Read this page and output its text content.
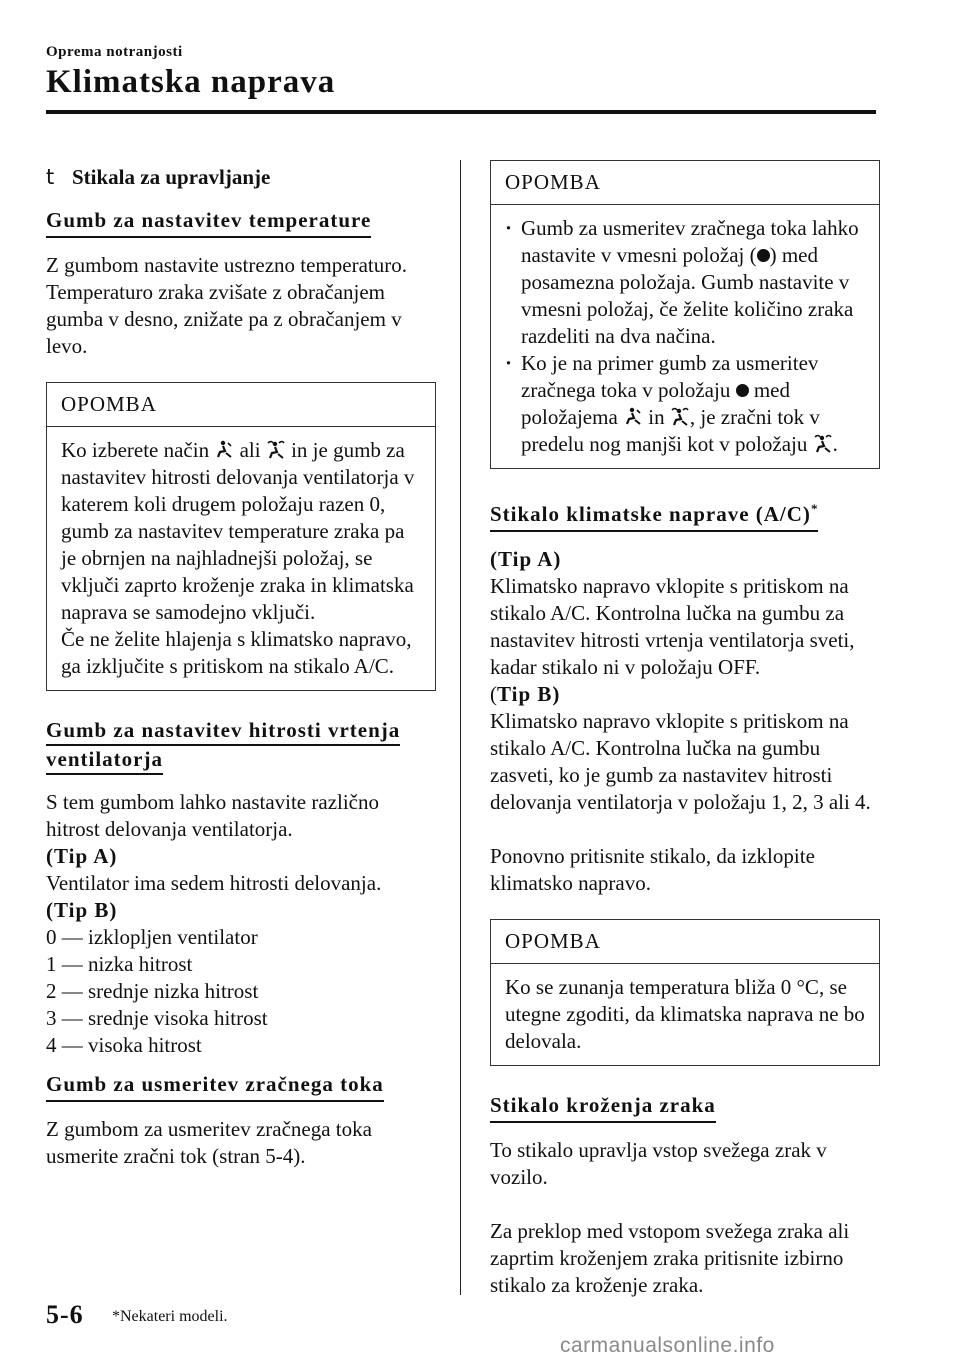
Oprema notranjosti
Klimatska naprava

t Stikala za upravljanje

Gumb za nastavitev temperature

Z gumbom nastavite ustrezno temperaturo. Temperaturo zraka zvišate z obračanjem gumba v desno, znižate pa z obračanjem v levo.

OPOMBA

Ko izberete način ali in je gumb za nastavitev hitrosti delovanja ventilatorja v katerem koli drugem položaju razen 0, gumb za nastavitev temperature zraka pa je obrnjen na najhladnejši položaj, se vključi zaprto kroženje zraka in klimatska naprava se samodejno vključi.

Če ne želite hlajenja s klimatsko napravo, ga izključite s pritiskom na stikalo A/C.

Gumb za nastavitev hitrosti vrtenja
ventilatorja

S tem gumbom lahko nastavite različno hitrost delovanja ventilatorja.

(Tip A)

Ventilator ima sedem hitrosti delovanja.

(Tip B)

0 ― izklopljen ventilator

1 ― nizka hitrost

2 ― srednje nizka hitrost

3 ― srednje visoka hitrost

4 ― visoka hitrost

Gumb za usmeritev zračnega toka

Z gumbom za usmeritev zračnega toka usmerite zračni tok (stran 5-4).

OPOMBA
· Gumb za usmeritev zračnega toka lahko nastavite v vmesni položaj ( ) med posamezna položaja. Gumb nastavite v vmesni položaj, če želite količino zraka razdeliti na dva načina.
· Ko je na primer gumb za usmeritev zračnega toka v položaju med položajema in , je zračni tok v predelu nog manjši kot v položaju .
Stikalo klimatske naprave (A/C)*

(Tip A)

Klimatsko napravo vklopite s pritiskom na stikalo A/C. Kontrolna lučka na gumbu za nastavitev hitrosti vrtenja ventilatorja sveti, kadar stikalo ni v položaju OFF.

(Tip B)

Klimatsko napravo vklopite s pritiskom na stikalo A/C. Kontrolna lučka na gumbu zasveti, ko je gumb za nastavitev hitrosti delovanja ventilatorja v položaju 1, 2, 3 ali 4.

Ponovno pritisnite stikalo, da izklopite klimatsko napravo.

OPOMBA

Ko se zunanja temperatura bliža 0 °C, se utegne zgoditi, da klimatska naprava ne bo delovala.

Stikalo kroženja zraka

To stikalo upravlja vstop svežega zrak v vozilo.

Za preklop med vstopom svežega zraka ali zaprtim kroženjem zraka pritisnite izbirno stikalo za kroženje zraka.

5-6 *Nekateri modeli.
carmanualsonline.info
